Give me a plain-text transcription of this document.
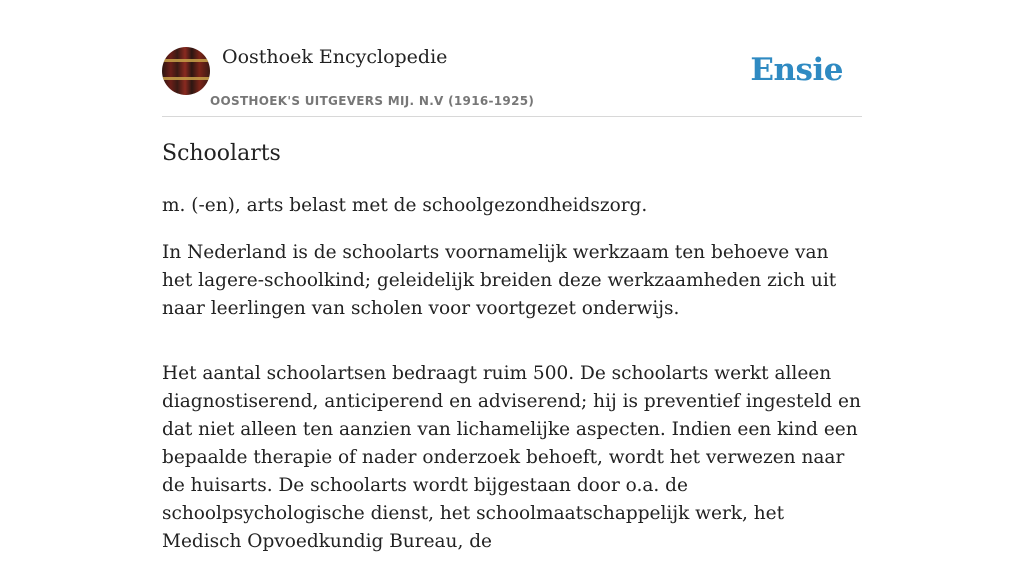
Oosthoek Encyclopedie
OOSTHOEK'S UITGEVERS MIJ. N.V (1916-1925)
Ensie
Schoolarts

m. (-en), arts belast met de schoolgezondheidszorg.

In Nederland is de schoolarts voornamelijk werkzaam ten behoeve van het lagere-schoolkind; geleidelijk breiden deze werkzaamheden zich uit naar leerlingen van scholen voor voortgezet onderwijs.

Het aantal schoolartsen bedraagt ruim 500. De schoolarts werkt alleen diagnostiserend, anticiperend en adviserend; hij is preventief ingesteld en dat niet alleen ten aanzien van lichamelijke aspecten. Indien een kind een bepaalde therapie of nader onderzoek behoeft, wordt het verwezen naar de huisarts. De schoolarts wordt bijgestaan door o.a. de schoolpsychologische dienst, het schoolmaatschappelijk werk, het Medisch Opvoedkundig Bureau, de
